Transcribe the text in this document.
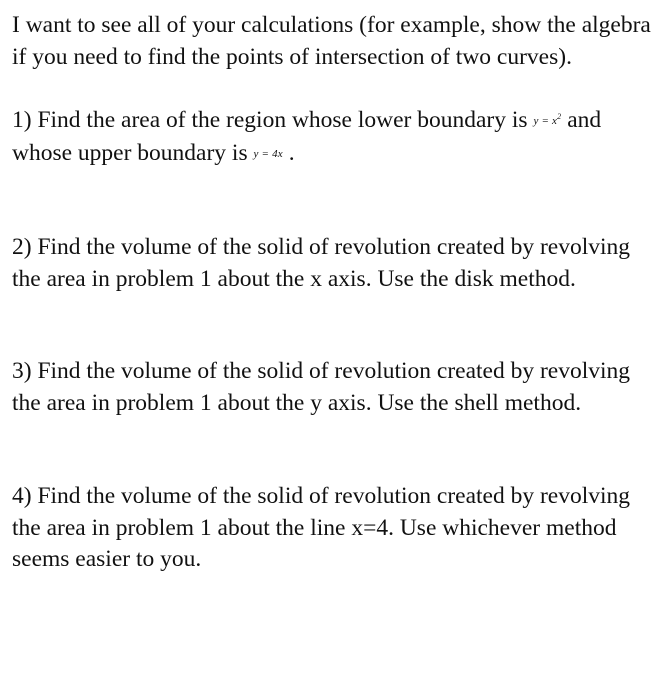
I want to see all of your calculations (for example, show the algebra if you need to find the points of intersection of two curves).

1) Find the area of the region whose lower boundary is $y = x^2$ and whose upper boundary is y = 4x .

2) Find the volume of the solid of revolution created by revolving the area in problem 1 about the x axis. Use the disk method.

3) Find the volume of the solid of revolution created by revolving the area in problem 1 about the y axis. Use the shell method.

4) Find the volume of the solid of revolution created by revolving the area in problem 1 about the line x=4. Use whichever method seems easier to you.
